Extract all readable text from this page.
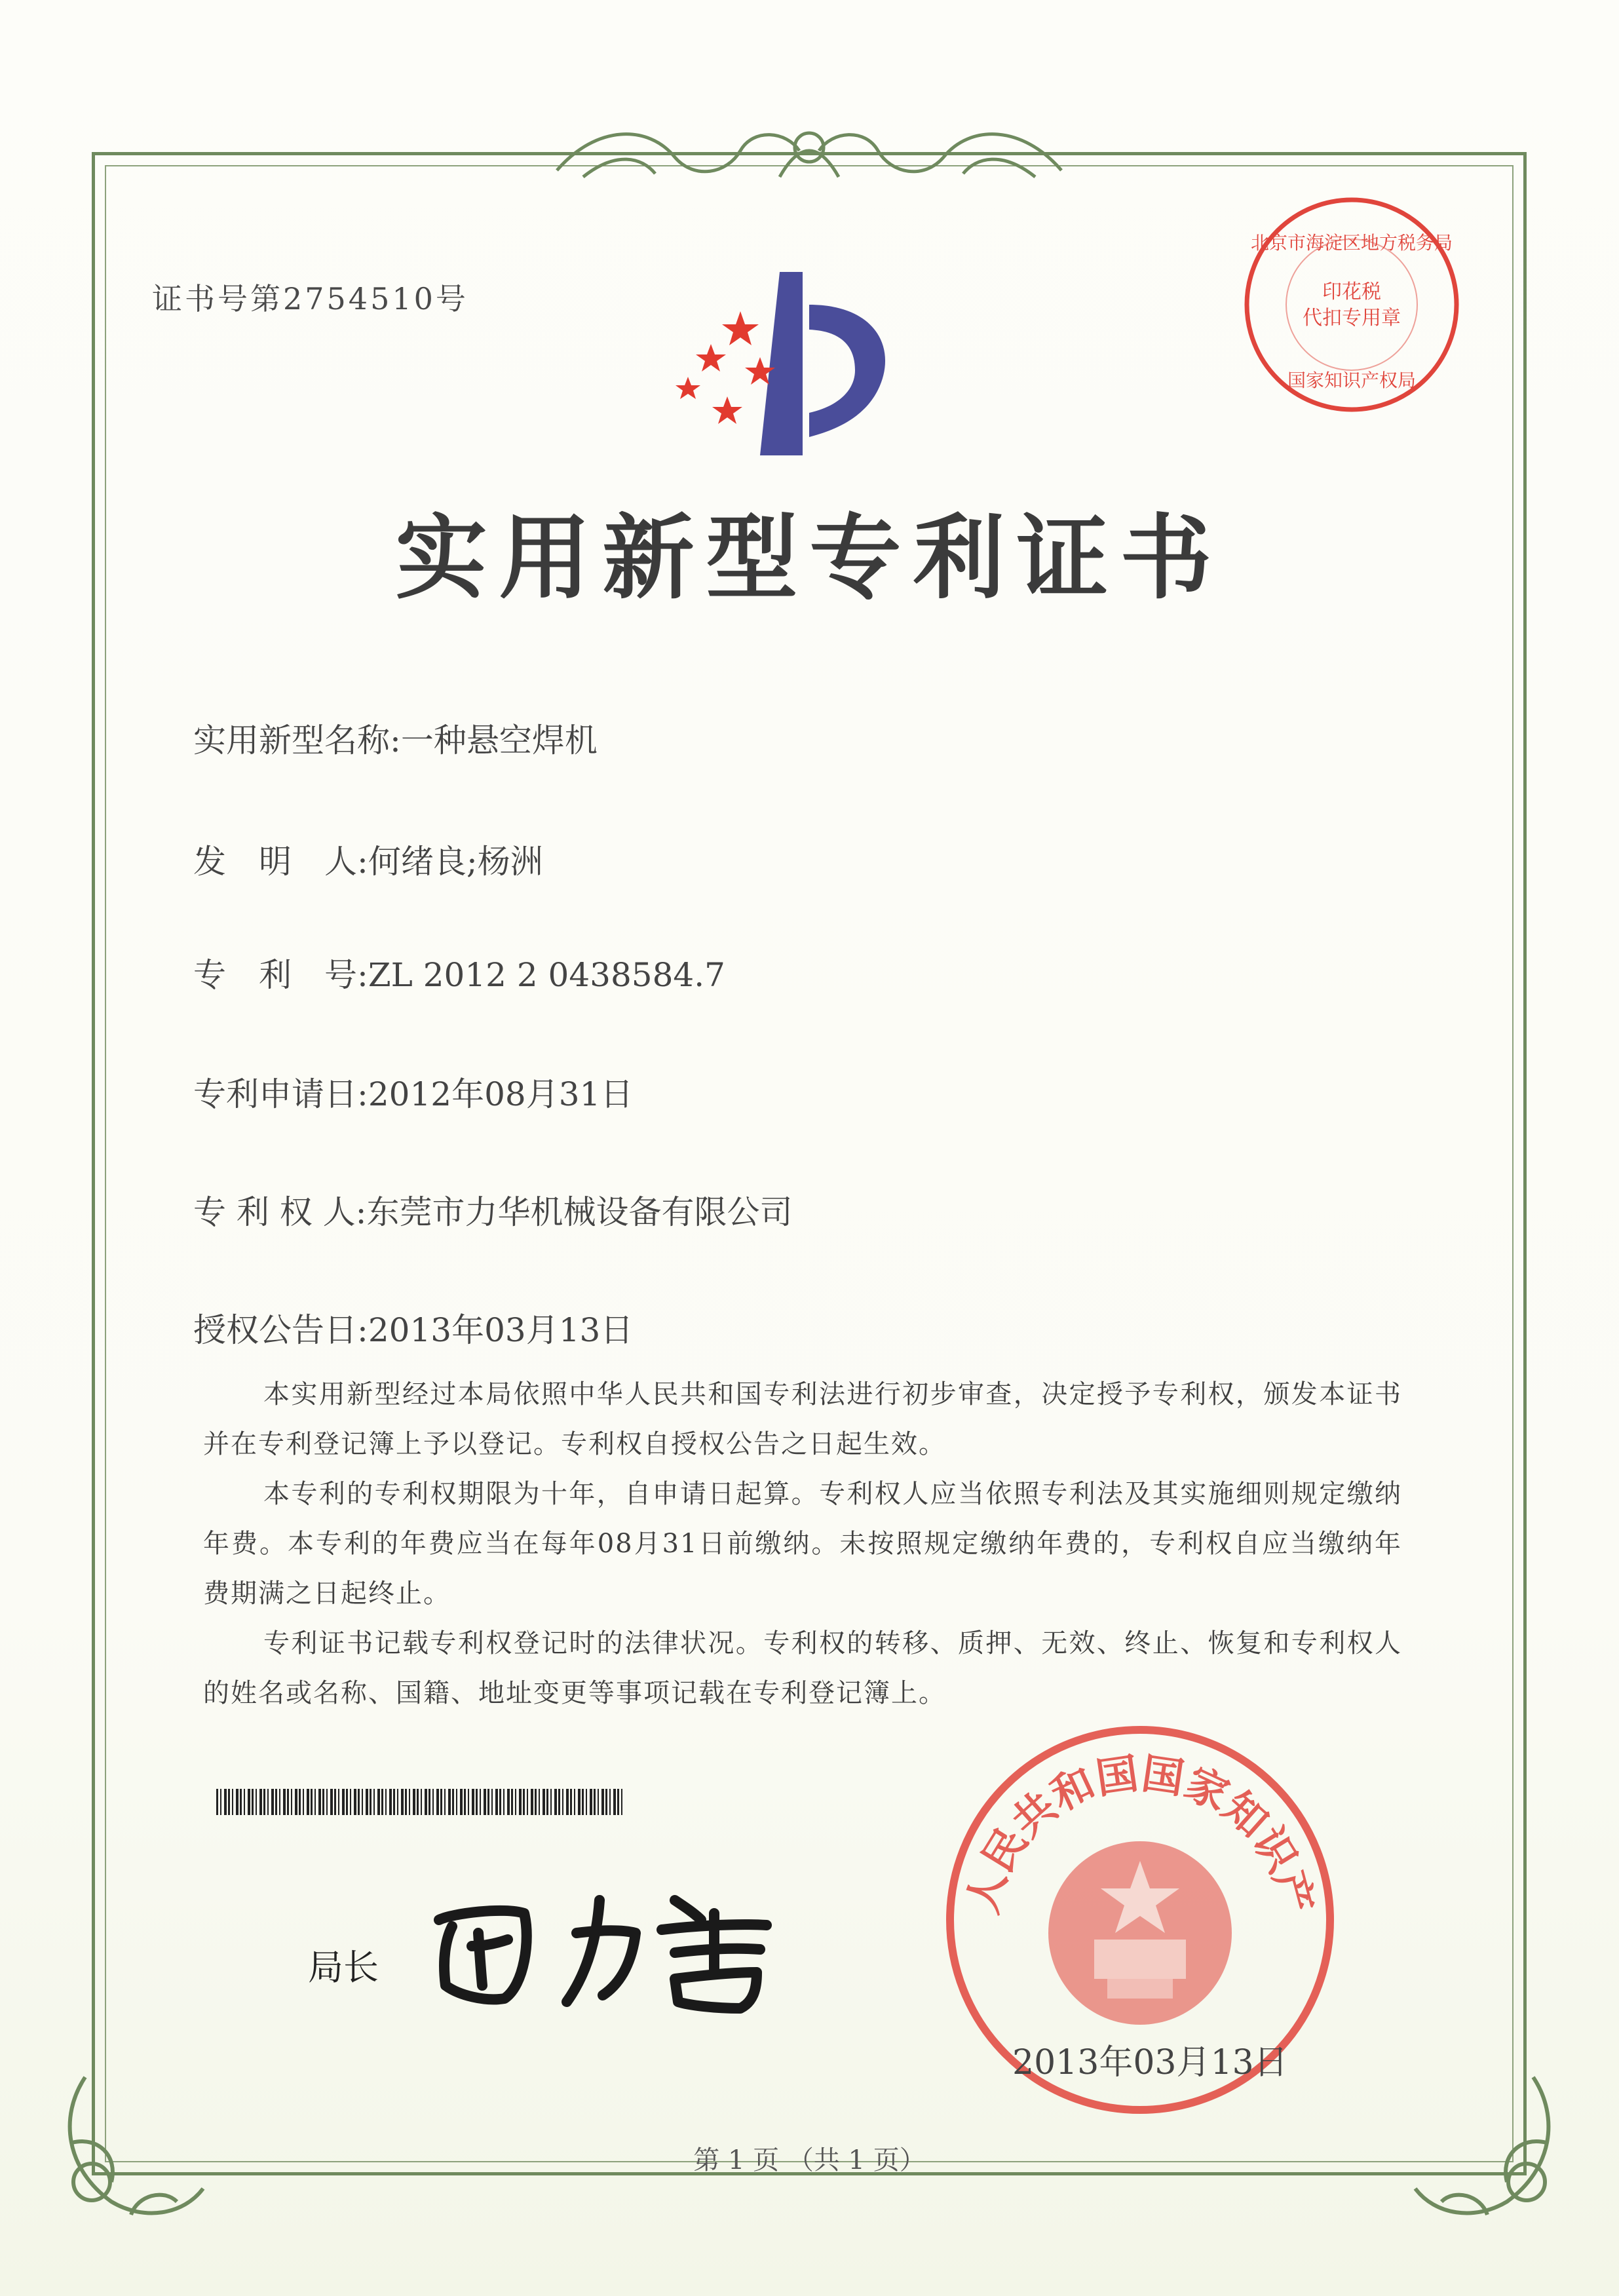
证书号第2754510号	印花税
代扣专用章
北京市海淀区地方税务局
国家知识产权局
实用新型专利证书
实用新型名称:一种悬空焊机
发　明　人:何绪良;杨洲
专　利　号:ZL 2012 2 0438584.7
专利申请日:2012年08月31日
专 利 权 人:东莞市力华机械设备有限公司
授权公告日:2013年03月13日

本实用新型经过本局依照中华人民共和国专利法进行初步审查，决定授予专利权，颁发本证书并在专利登记簿上予以登记。专利权自授权公告之日起生效。

本专利的专利权期限为十年，自申请日起算。专利权人应当依照专利法及其实施细则规定缴纳年费。本专利的年费应当在每年08月31日前缴纳。未按照规定缴纳年费的，专利权自应当缴纳年费期满之日起终止。

专利证书记载专利权登记时的法律状况。专利权的转移、质押、无效、终止、恢复和专利权人的姓名或名称、国籍、地址变更等事项记载在专利登记簿上。

局长
人民共和国国家知识产
2013年03月13日
第 1 页 （共 1 页）
